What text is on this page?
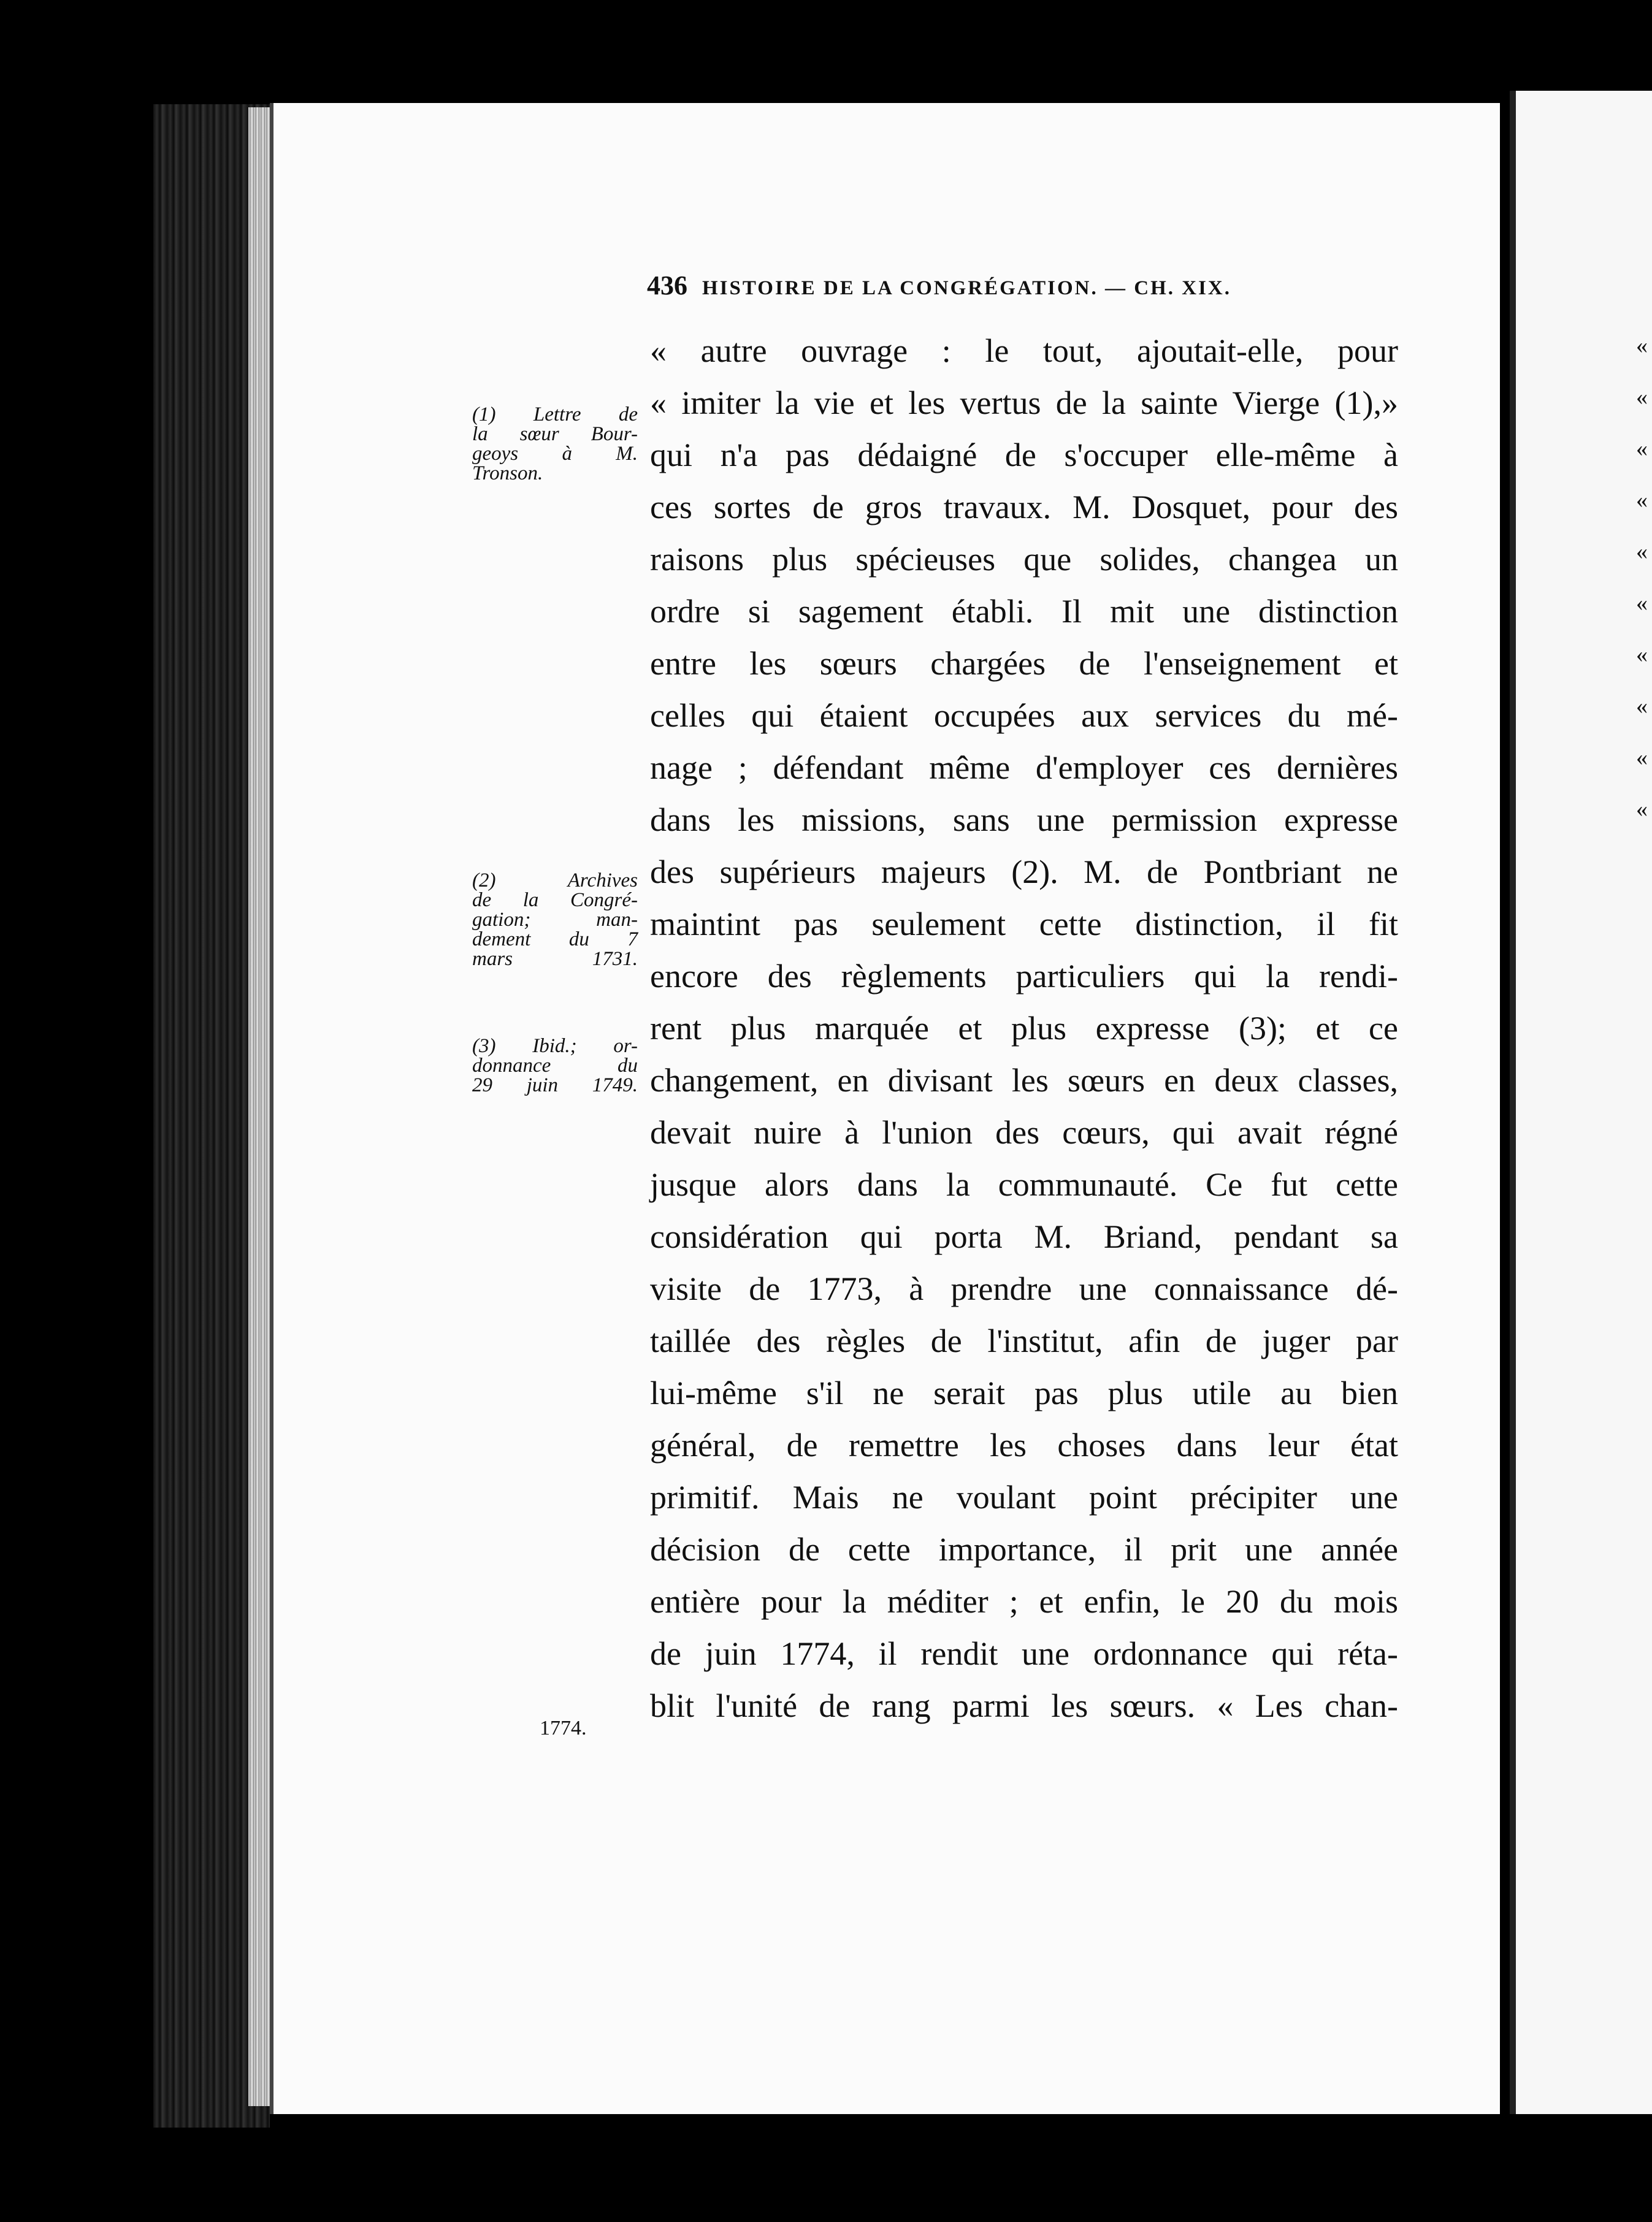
«
«
«
«
«
«
«
«
«
«
436 HISTOIRE DE LA CONGRÉGATION. — CH. XIX.
(1) Lettre de
la sœur Bour-
geoys à M.
Tronson.
(2) Archives
de la Congré-
gation; man-
dement du 7
mars 1731.
(3) Ibid.; or-
donnance du
29 juin 1749.
1774.
« autre ouvrage : le tout, ajoutait-elle, pour
« imiter la vie et les vertus de la sainte Vierge (1),»
qui n'a pas dédaigné de s'occuper elle-même à
ces sortes de gros travaux. M. Dosquet, pour des
raisons plus spécieuses que solides, changea un
ordre si sagement établi. Il mit une distinction
entre les sœurs chargées de l'enseignement et
celles qui étaient occupées aux services du mé-
nage ; défendant même d'employer ces dernières
dans les missions, sans une permission expresse
des supérieurs majeurs (2). M. de Pontbriant ne
maintint pas seulement cette distinction, il fit
encore des règlements particuliers qui la rendi-
rent plus marquée et plus expresse (3); et ce
changement, en divisant les sœurs en deux classes,
devait nuire à l'union des cœurs, qui avait régné
jusque alors dans la communauté. Ce fut cette
considération qui porta M. Briand, pendant sa
visite de 1773, à prendre une connaissance dé-
taillée des règles de l'institut, afin de juger par
lui-même s'il ne serait pas plus utile au bien
général, de remettre les choses dans leur état
primitif. Mais ne voulant point précipiter une
décision de cette importance, il prit une année
entière pour la méditer ; et enfin, le 20 du mois
de juin 1774, il rendit une ordonnance qui réta-
blit l'unité de rang parmi les sœurs. « Les chan-
